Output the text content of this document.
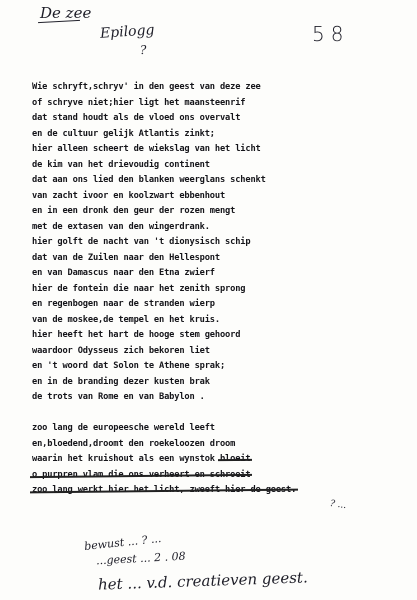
De zee
Epilogg
?
58
Wie schryft,schryv' in den geest van deze zee
of schryve niet;hier ligt het maansteenrif
dat stand houdt als de vloed ons overvalt
en de cultuur gelijk Atlantis zinkt;
hier alleen scheert de wiekslag van het licht
de kim van het drievoudig continent
dat aan ons lied den blanken weerglans schenkt
van zacht ivoor en koolzwart ebbenhout
en in een dronk den geur der rozen mengt
met de extasen van den wingerdrank.
hier golft de nacht van 't dionysisch schip
dat van de Zuilen naar den Hellespont
en van Damascus naar den Etna zwierf
hier de fontein die naar het zenith sprong
en regenbogen naar de stranden wierp
van de moskee,de tempel en het kruis.
hier heeft het hart de hooge stem gehoord
waardoor Odysseus zich bekoren liet
en 't woord dat Solon te Athene sprak;
en in de branding dezer kusten brak
de trots van Rome en van Babylon .
zoo lang de europeesche wereld leeft
en,bloedend,droomt den roekeloozen droom
waarin het kruishout als een wynstok bloeit
o purpren vlam die ons verheert en schroeit
zoo lang werkt hier het licht, zweeft hier de geest.
? ...
bewust ... ? ...
...geest ... 2 . 08
het ... v.d. creatieven geest.
